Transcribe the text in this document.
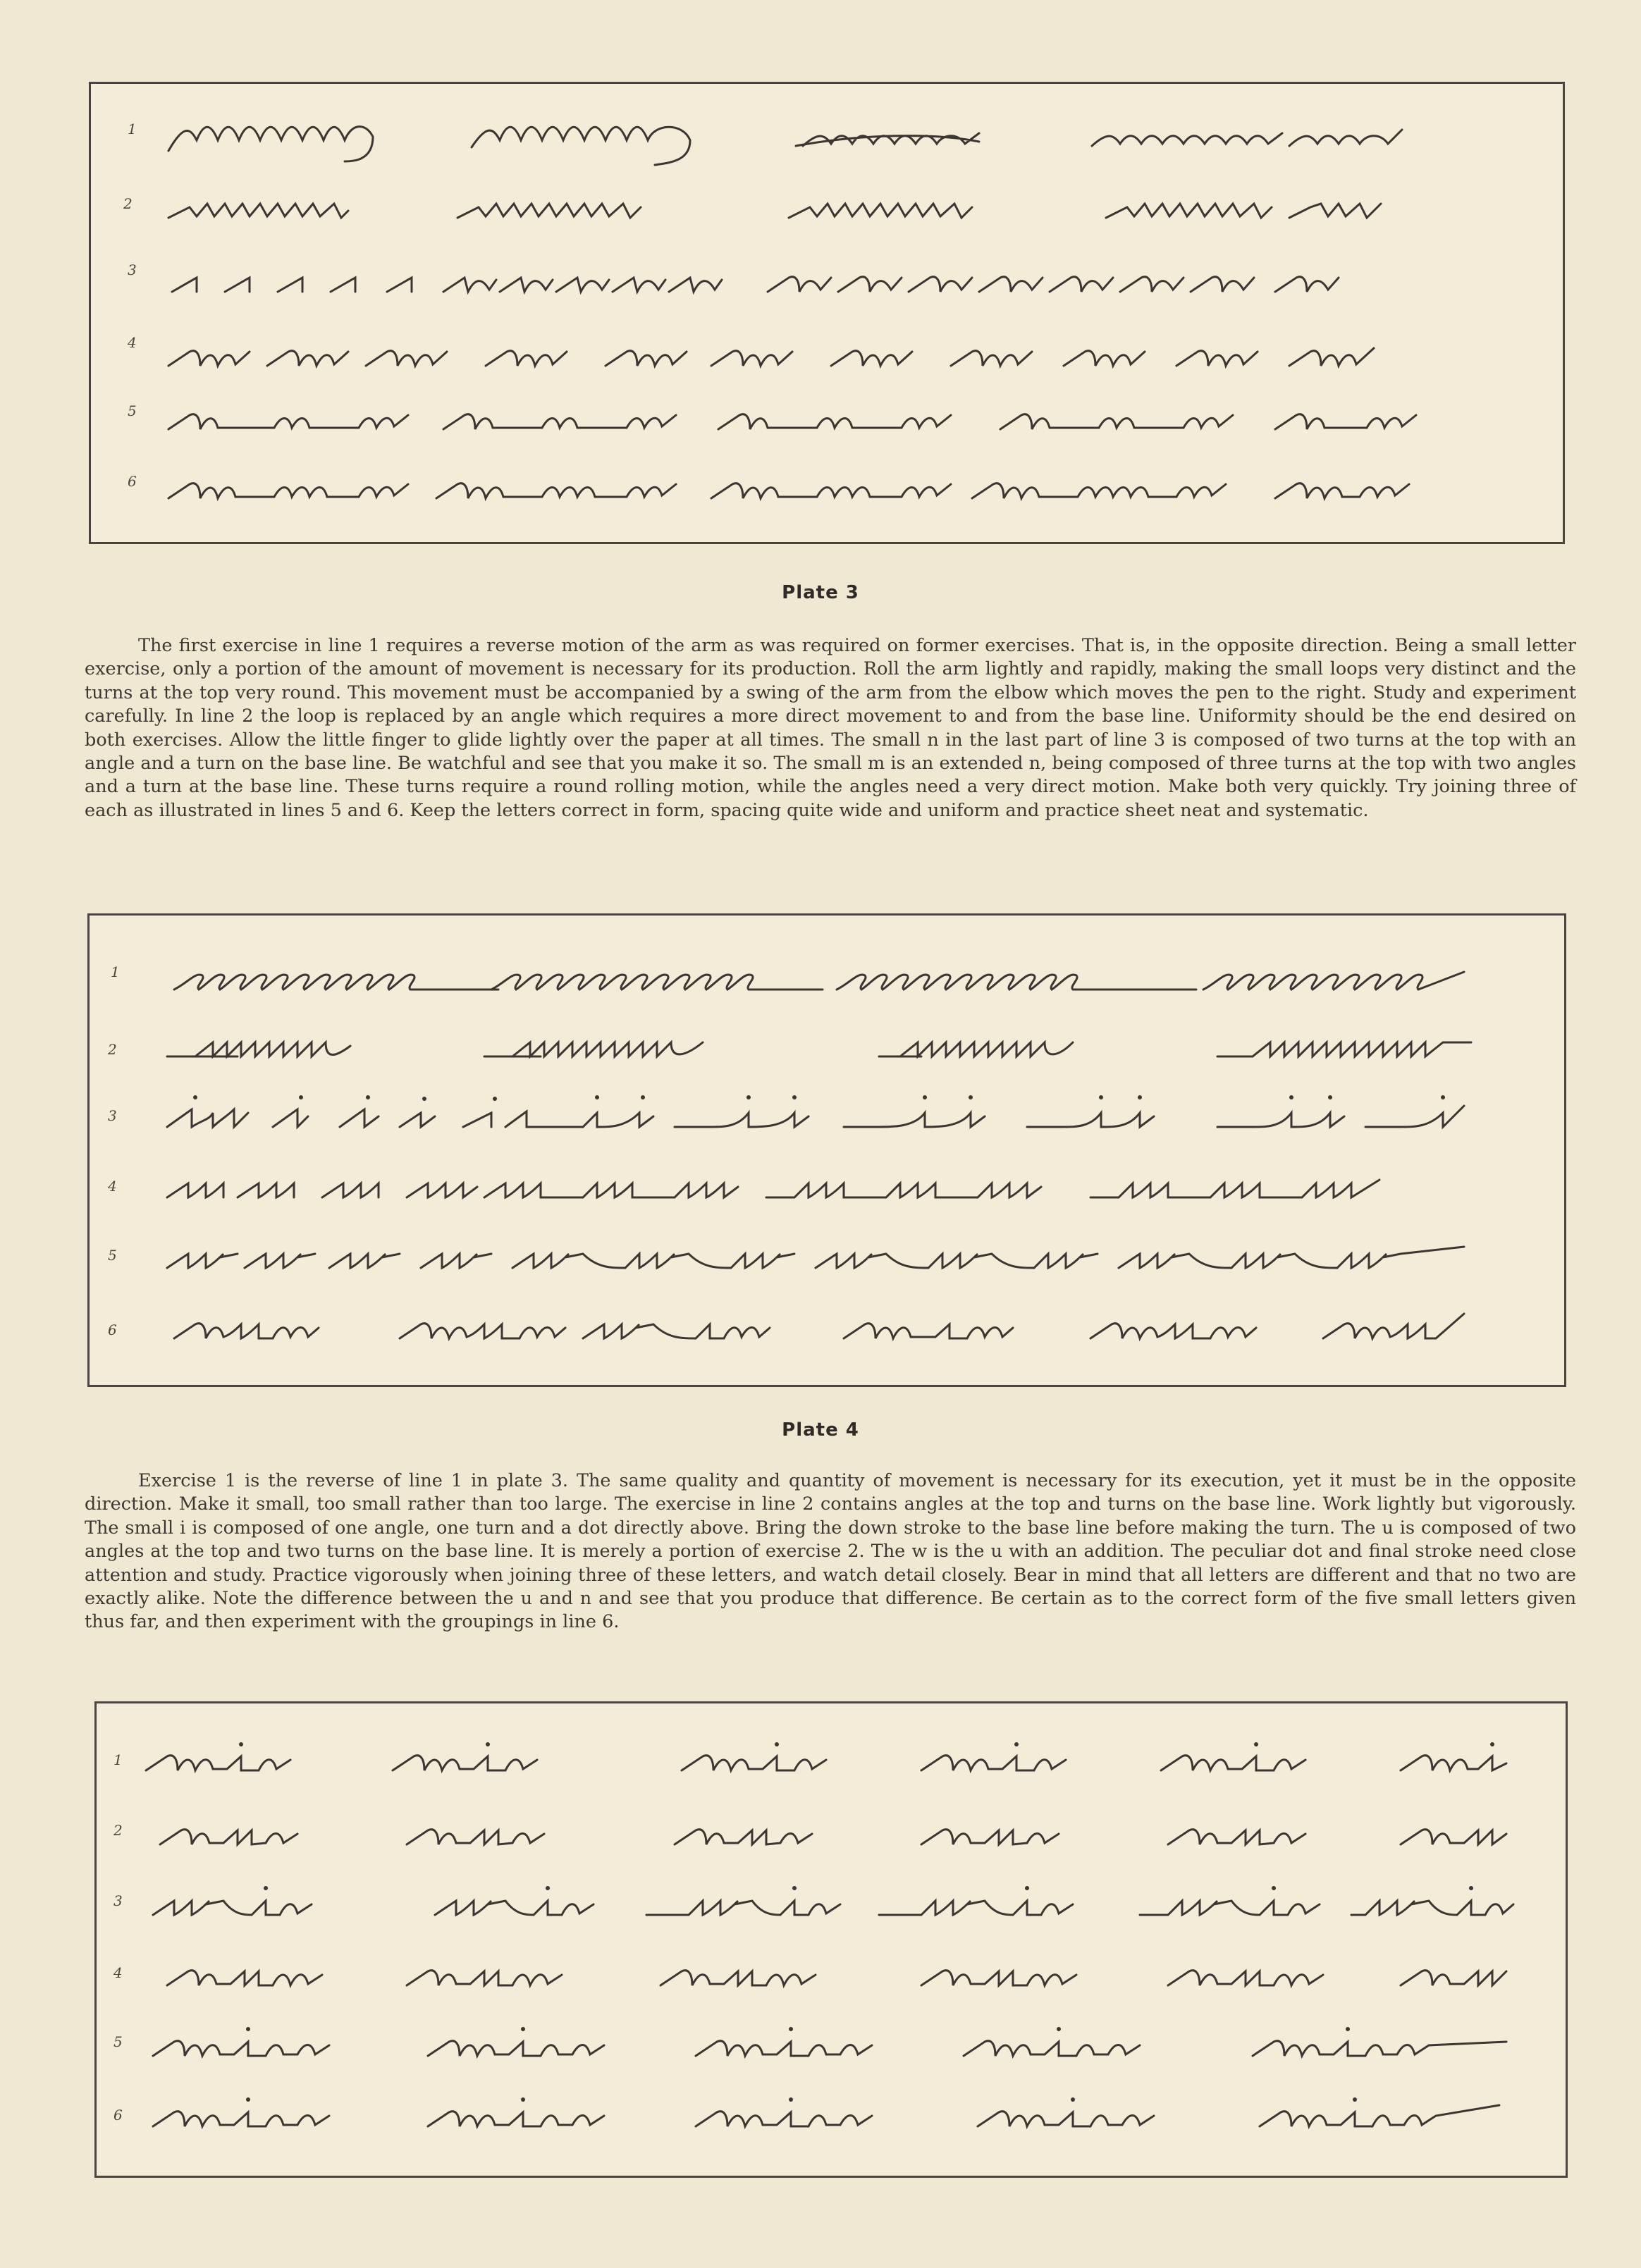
1
2
3
4
5
6
Plate 3

The first exercise in line 1 requires a reverse motion of the arm as was required on former exercises. That is, in the opposite direction. Being a small letter exercise, only a portion of the amount of movement is necessary for its production. Roll the arm lightly and rapidly, making the small loops very distinct and the turns at the top very round. This movement must be accompanied by a swing of the arm from the elbow which moves the pen to the right. Study and experiment carefully. In line 2 the loop is replaced by an angle which requires a more direct movement to and from the base line. Uniformity should be the end desired on both exercises. Allow the little finger to glide lightly over the paper at all times. The small n in the last part of line 3 is composed of two turns at the top with an angle and a turn on the base line. Be watchful and see that you make it so. The small m is an extended n, being composed of three turns at the top with two angles and a turn at the base line. These turns require a round rolling motion, while the angles need a very direct motion. Make both very quickly. Try joining three of each as illustrated in lines 5 and 6. Keep the letters correct in form, spacing quite wide and uniform and practice sheet neat and systematic.

1
2
3
4
5
6
Plate 4

Exercise 1 is the reverse of line 1 in plate 3. The same quality and quantity of movement is necessary for its execution, yet it must be in the opposite direction. Make it small, too small rather than too large. The exercise in line 2 contains angles at the top and turns on the base line. Work lightly but vigorously. The small i is composed of one angle, one turn and a dot directly above. Bring the down stroke to the base line before making the turn. The u is composed of two angles at the top and two turns on the base line. It is merely a portion of exercise 2. The w is the u with an addition. The peculiar dot and final stroke need close attention and study. Practice vigorously when joining three of these letters, and watch detail closely. Bear in mind that all letters are different and that no two are exactly alike. Note the difference between the u and n and see that you produce that difference. Be certain as to the correct form of the five small letters given thus far, and then experiment with the groupings in line 6.

1
2
3
4
5
6
